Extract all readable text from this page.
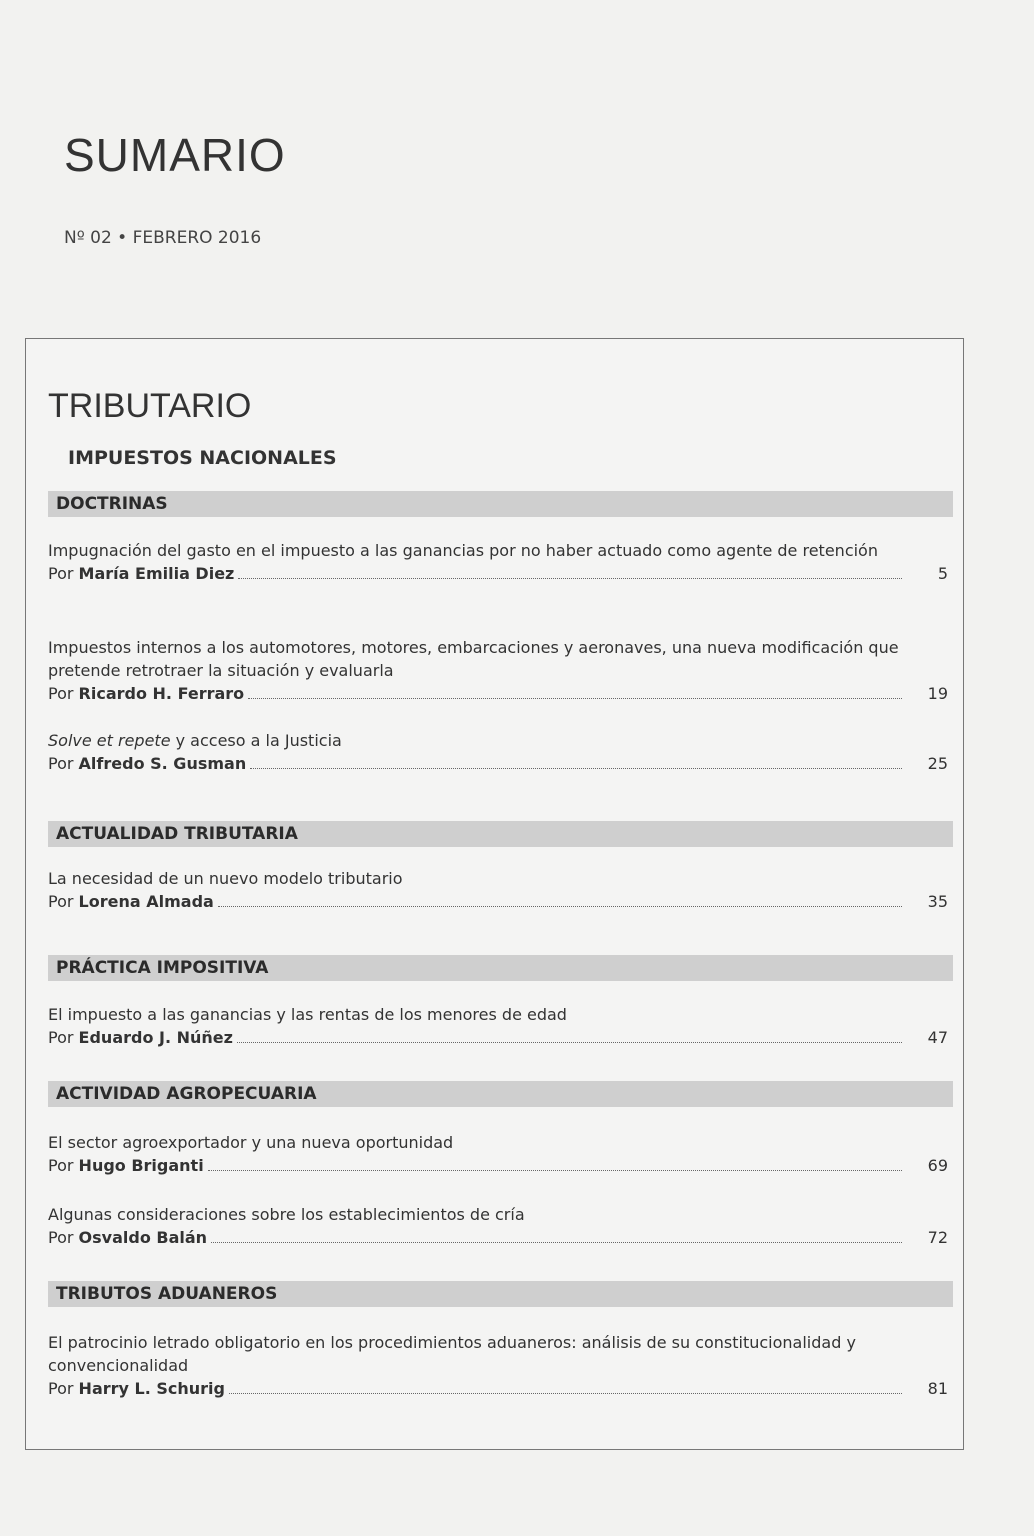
SUMARIO
Nº 02 • FEBRERO 2016
TRIBUTARIO
IMPUESTOS NACIONALES
DOCTRINAS
Impugnación del gasto en el impuesto a las ganancias por no haber actuado como agente de retención
Por
María Emilia Diez	5
Impuestos internos a los automotores, motores, embarcaciones y aeronaves, una nueva modificación que pretende retrotraer la situación y evaluarla
Por
Ricardo H. Ferraro	19
Solve et repete y acceso a la Justicia
Por
Alfredo S. Gusman	25
ACTUALIDAD TRIBUTARIA
La necesidad de un nuevo modelo tributario
Por
Lorena Almada	35
PRÁCTICA IMPOSITIVA
El impuesto a las ganancias y las rentas de los menores de edad
Por
Eduardo J. Núñez	47
ACTIVIDAD AGROPECUARIA
El sector agroexportador y una nueva oportunidad
Por
Hugo Briganti	69
Algunas consideraciones sobre los establecimientos de cría
Por
Osvaldo Balán	72
TRIBUTOS ADUANEROS
El patrocinio letrado obligatorio en los procedimientos aduaneros: análisis de su constitucionalidad y convencionalidad
Por
Harry L. Schurig	81
